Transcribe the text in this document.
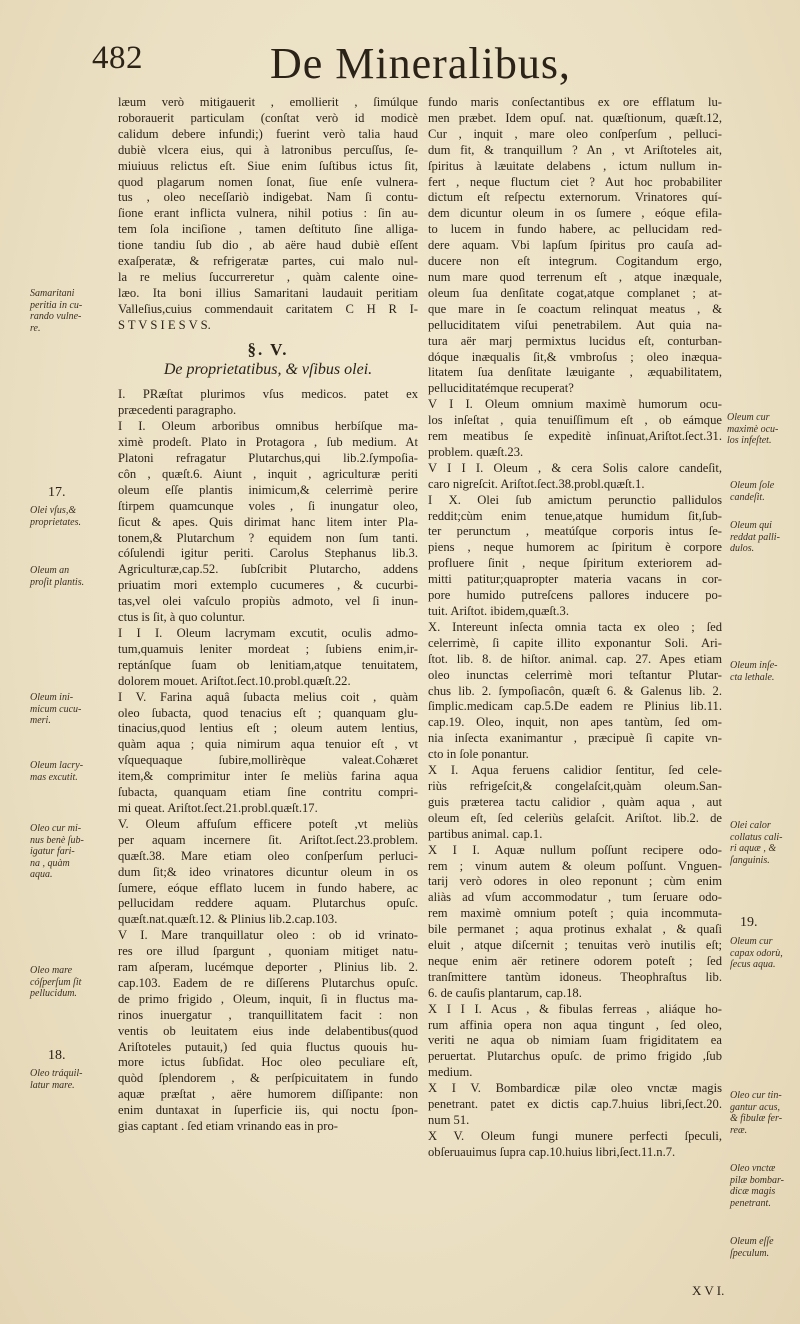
482	De Mineralibus,
læum verò mitigauerit , emollierit , ſimúlque
roborauerit particulam (conſtat verò id modicè
calidum debere infundi;) fuerint verò talia haud
dubiè vlcera eius, qui à latronibus percuſſus, ſe-
miuiuus relictus eſt. Siue enim ſuſtibus ictus ſit,
quod plagarum nomen ſonat, ſiue enſe vulnera-
tus , oleo neceſſariò indigebat. Nam ſi contu-
ſione erant inflicta vulnera, nihil potius : ſin au-
tem ſola inciſione , tamen deſtituto ſine alliga-
tione tandiu ſub dio , ab aëre haud dubiè eſſent
exaſperatæ, & refrigeratæ partes, cui malo nul-
la re melius ſuccurreretur , quàm calente oine-
læo. Ita boni illius Samaritani laudauit peritiam
Valleſius,cuius commendauit caritatem C H R I-
S T V S I E S V S.
§. V.
De proprietatibus, & vſibus olei.
I. PRæſtat plurimos vſus medicos. patet ex
præcedenti paragrapho.
I I. Oleum arboribus omnibus herbíſque ma-
ximè prodeſt. Plato in Protagora , ſub medium. At
Platoni refragatur Plutarchus,qui lib.2.ſympoſia-
côn , quæſt.6. Aiunt , inquit , agriculturæ periti
oleum eſſe plantis inimicum,& celerrimè perire
ſtirpem quamcunque voles , ſi inungatur oleo,
ſicut & apes. Quis dirimat hanc litem inter Pla-
tonem,& Plutarchum ? equidem non ſum tanti.
cóſulendi igitur periti. Carolus Stephanus lib.3.
Agriculturæ,cap.52. ſubſcribit Plutarcho, addens
priuatim mori extemplo cucumeres , & cucurbi-
tas,vel olei vaſculo propiùs admoto, vel ſi inun-
ctus is ſit, à quo coluntur.
I I I. Oleum lacrymam excutit, oculis admo-
tum,quamuis leniter mordeat ; ſubiens enim,ir-
reptánſque ſuam ob lenitiam,atque tenuitatem,
dolorem mouet. Ariſtot.ſect.10.probl.quæſt.22.
I V. Farina aquâ ſubacta melius coit , quàm
oleo ſubacta, quod tenacius eſt ; quanquam glu-
tinacius,quod lentius eſt ; oleum autem lentius,
quàm aqua ; quia nimirum aqua tenuior eſt , vt
vſquequaque ſubire,mollirèque valeat.Cohæret
item,& comprimitur inter ſe meliùs farina aqua
ſubacta, quanquam etiam ſine contritu compri-
mi queat. Ariſtot.ſect.21.probl.quæſt.17.
V. Oleum affuſum efficere poteſt ,vt meliùs
per aquam incernere ſit. Ariſtot.ſect.23.problem.
quæſt.38. Mare etiam oleo conſperſum perluci-
dum ſit;& ideo vrinatores dicuntur oleum in os
ſumere, eóque efflato lucem in fundo habere, ac
pellucidam reddere aquam. Plutarchus opuſc.
quæſt.nat.quæſt.12. & Plinius lib.2.cap.103.
V I. Mare tranquillatur oleo : ob id vrinato-
res ore illud ſpargunt , quoniam mitiget natu-
ram aſperam, lucémque deporter , Plinius lib. 2.
cap.103. Eadem de re diſſerens Plutarchus opuſc.
de primo frigido , Oleum, inquit, ſi in fluctus ma-
rinos inuergatur , tranquillitatem facit : non
ventis ob leuitatem eius inde delabentibus(quod
Ariſtoteles putauit,) ſed quia fluctus quouis hu-
more ictus ſubſidat. Hoc oleo peculiare eſt,
quòd ſplendorem , & perſpicuitatem in fundo
aquæ præſtat , aëre humorem diſſipante: non
enim duntaxat in ſuperficie iis, qui noctu ſpon-
gias captant . ſed etiam vrinando eas in pro-
fundo maris conſectantibus ex ore efflatum lu-
men præbet. Idem opuſ. nat. quæſtionum, quæſt.12,
Cur , inquit , mare oleo conſperſum , pelluci-
dum fit, & tranquillum ? An , vt Ariſtoteles ait,
ſpiritus à læuitate delabens , ictum nullum in-
fert , neque fluctum ciet ? Aut hoc probabiliter
dictum eſt reſpectu externorum. Vrinatores quí-
dem dicuntur oleum in os ſumere , eóque efila-
to lucem in fundo habere, ac pellucidam red-
dere aquam. Vbi lapſum ſpiritus pro cauſa ad-
ducere non eſt integrum. Cogitandum ergo,
num mare quod terrenum eſt , atque inæquale,
oleum ſua denſitate cogat,atque complanet ; at-
que mare in ſe coactum relinquat meatus , &
pelluciditatem viſui penetrabilem. Aut quia na-
tura aër marj permixtus lucidus eſt, conturban-
dóque inæqualis ſit,& vmbroſus ; oleo inæqua-
litatem ſua denſitate læuigante , æquabilitatem,
pelluciditatémque recuperat?
V I I. Oleum omnium maximè humorum ocu-
los inſeſtat , quia tenuiſſimum eſt , ob eámque
rem meatibus ſe expeditè inſinuat,Ariſtot.ſect.31.
problem. quæſt.23.
V I I I. Oleum , & cera Solis calore candeſit,
caro nigreſcit. Ariſtot.ſect.38.probl.quæſt.1.
I X. Olei ſub amictum perunctio pallidulos
reddit;cùm enim tenue,atque humidum ſit,ſub-
ter perunctum , meatúſque corporis intus ſe-
piens , neque humorem ac ſpiritum è corpore
profluere ſinit , neque ſpiritum exteriorem ad-
mitti patitur;quapropter materia vacans in cor-
pore humido putreſcens pallores inducere po-
tuit. Ariſtot. ibidem,quæſt.3.
X. Intereunt inſecta omnia tacta ex oleo ; ſed
celerrimè, ſi capite illito exponantur Soli. Ari-
ſtot. lib. 8. de hiſtor. animal. cap. 27. Apes etiam
oleo inunctas celerrimè mori teſtantur Plutar-
chus lib. 2. ſympoſiacôn, quæſt 6. & Galenus lib. 2.
ſimplic.medicam cap.5.De eadem re Plinius lib.11.
cap.19. Oleo, inquit, non apes tantùm, ſed om-
nia inſecta exanimantur , præcipuè ſi capite vn-
cto in ſole ponantur.
X I. Aqua feruens calidior ſentitur, ſed cele-
riùs refrigeſcit,& congelaſcit,quàm oleum.San-
guis præterea tactu calidior , quàm aqua , aut
oleum eſt, ſed celeriùs gelaſcit. Ariſtot. lib.2. de
partibus animal. cap.1.
X I I. Aquæ nullum poſſunt recipere odo-
rem ; vinum autem & oleum poſſunt. Vnguen-
tarij verò odores in oleo reponunt ; cùm enim
aliàs ad vſum accommodatur , tum ſeruare odo-
rem maximè omnium poteſt ; quia incommuta-
bile permanet ; aqua protinus exhalat , & quaſi
eluit , atque diſcernit ; tenuitas verò inutilis eſt;
neque enim aër retinere odorem poteſt ; ſed
tranſmittere tantùm idoneus. Theophraſtus lib.
6. de cauſis plantarum, cap.18.
X I I I. Acus , & fibulas ferreas , aliáque ho-
rum affinia opera non aqua tingunt , ſed oleo,
veriti ne aqua ob nimiam ſuam frigiditatem ea
peruertat. Plutarchus opuſc. de primo frigido ,ſub
medium.
X I V. Bombardicæ pilæ oleo vnctæ magis
penetrant. patet ex dictis cap.7.huius libri,ſect.20.
num 51.
X V. Oleum fungi munere perfecti ſpeculi,
obſeruauimus ſupra cap.10.huius libri,ſect.11.n.7.
X V I.
Samaritani
peritia in cu-
rando vulne-
re.
17.
Olei vſus,&
proprietates.
Oleum an
proſit plantis.
Oleum ini-
micum cucu-
meri.
Oleum lacry-
mas excutit.
Oleo cur mi-
nus benè ſub-
igatur fari-
na , quàm
aqua.
Oleo mare
cóſperſum ſit
pellucidum.
18.
Oleo tráquil-
latur mare.
Oleum cur
maximè ocu-
los infeſtet.
Oleum ſole
candeſit.
Oleum qui
reddat palli-
dulos.
Oleum inſe-
cta lethale.
Olei calor
collatus cali-
ri aquæ , &
ſanguinis.
19.
Oleum cur
capax odorù,
ſecus aqua.
Oleo cur tin-
gantur acus,
& fibulæ fer-
reæ.
Oleo vnctæ
pilæ bombar-
dicæ magis
penetrant.
Oleum eſſe
ſpeculum.
